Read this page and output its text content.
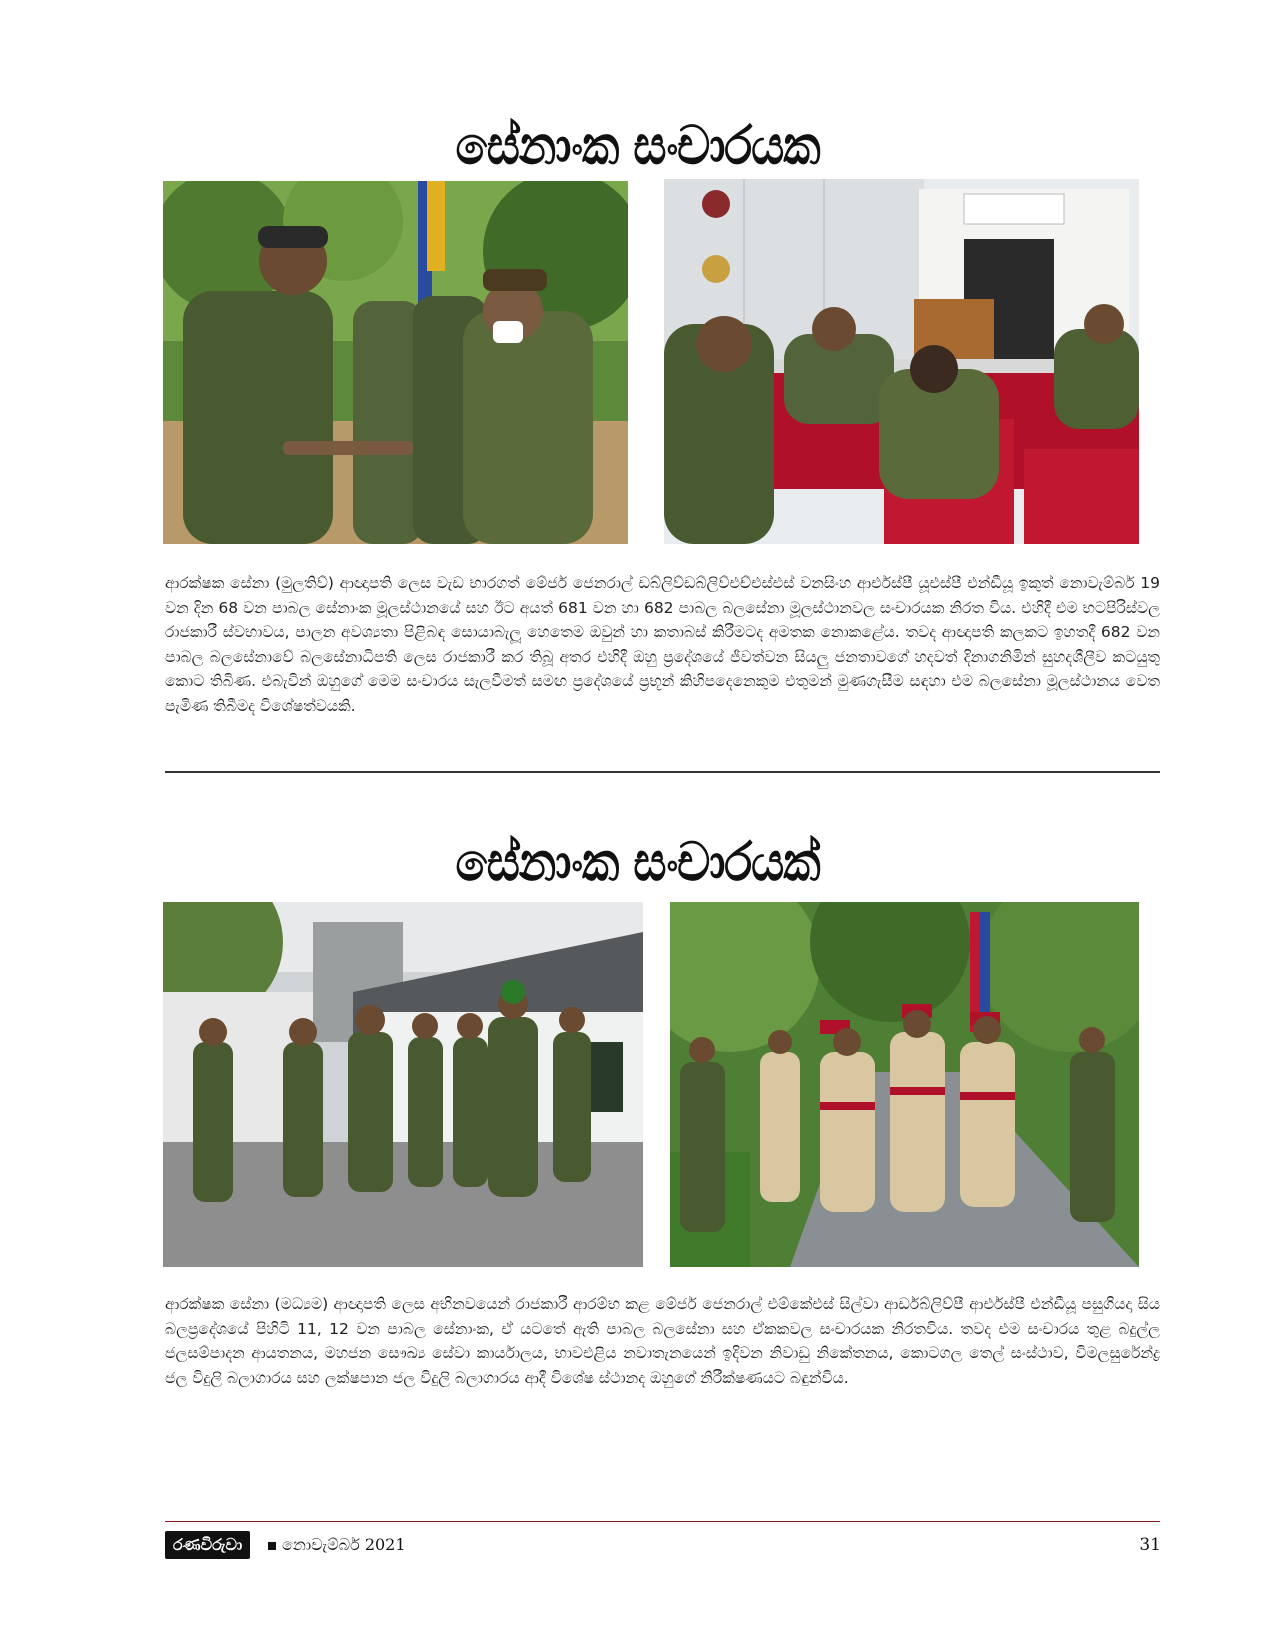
සේනාංක සංචාරයක
ආරක්ෂක සේනා (මුලතිව්) ආඥාපති ලෙස වැඩ භාරගත් මේජර් ජෙනරාල් ඩබ්ලිව්ඩබ්ලිව්එච්එස්එස් වනසිංහ ආර්එස්පී යූඑස්පී එන්ඩීයූ ඉකුත් නොවැම්බර් 19 වන දින 68 වන පාබල සේනාංක මූලස්ථානයේ සහ ඊට අයත් 681 වන හා 682 පාබල බලසේනා මූලස්ථානවල සංචාරයක නිරත විය. එහිදී එම භටපිරිස්වල රාජකාරී ස්වභාවය, පාලන අවශ්‍යතා පිළිබඳ සොයාබැලූ හෙතෙම ඔවුන් හා කතාබස් කිරීමටද අමතක නොකළේය. තවද ආඥාපති කලකට ඉහතදී 682 වන පාබල බලසේනාවේ බලසේනාධිපති ලෙස රාජකාරී කර තිබූ අතර එහිදී ඔහු ප්‍රදේශයේ ජීවත්වන සියලු ජනතාවගේ හදවත් දිනාගනිමින් සුහදශීලීව කටයුතු කොට තිබිණ. එබැවින් ඔහුගේ මෙම සංචාරය සැලවීමත් සමඟ ප්‍රදේශයේ ප්‍රභූන් කිහිපදෙනෙකුම එතුමන් මුණගැසීම සඳහා එම බලසේනා මූලස්ථානය වෙත පැමිණ තිබීමද විශේෂත්වයකි.
සේනාංක සංචාරයක්
ආරක්ෂක සේනා (මධ්‍යම) ආඥාපති ලෙස අභිනවයෙන් රාජකාරී ආරම්භ කළ මේජර් ජෙනරාල් එම්කේඑස් සිල්වා ආර්ඩබ්ලිව්පී ආර්එස්පී එන්ඩීයූ පසුගියදා සිය බලප්‍රදේශයේ පිහිටි 11, 12 වන පාබල සේනාංක, ඒ යටතේ ඇති පාබල බලසේනා සහ ඒකකවල සංචාරයක නිරතවිය. තවද එම සංචාරය තුළ බදුල්ල ජලසම්පාදන ආයතනය, මහජන සෞඛ්‍ය සේවා කාර්යාලය, භාවඑළිය නවාතැනයෙන් ඉදිවන නිවාඩු නිකේතනය, කොටගල තෙල් සංස්ථාව, විමලසුරේන්ද්‍ර ජල විදුලි බලාගාරය සහ ලක්ෂපාන ජල විදුලි බලාගාරය ආදී විශේෂ ස්ථානද ඔහුගේ නිරීක්ෂණයට බඳුන්විය.
රණවිරුවා	නොවැම්බර් 2021	31
